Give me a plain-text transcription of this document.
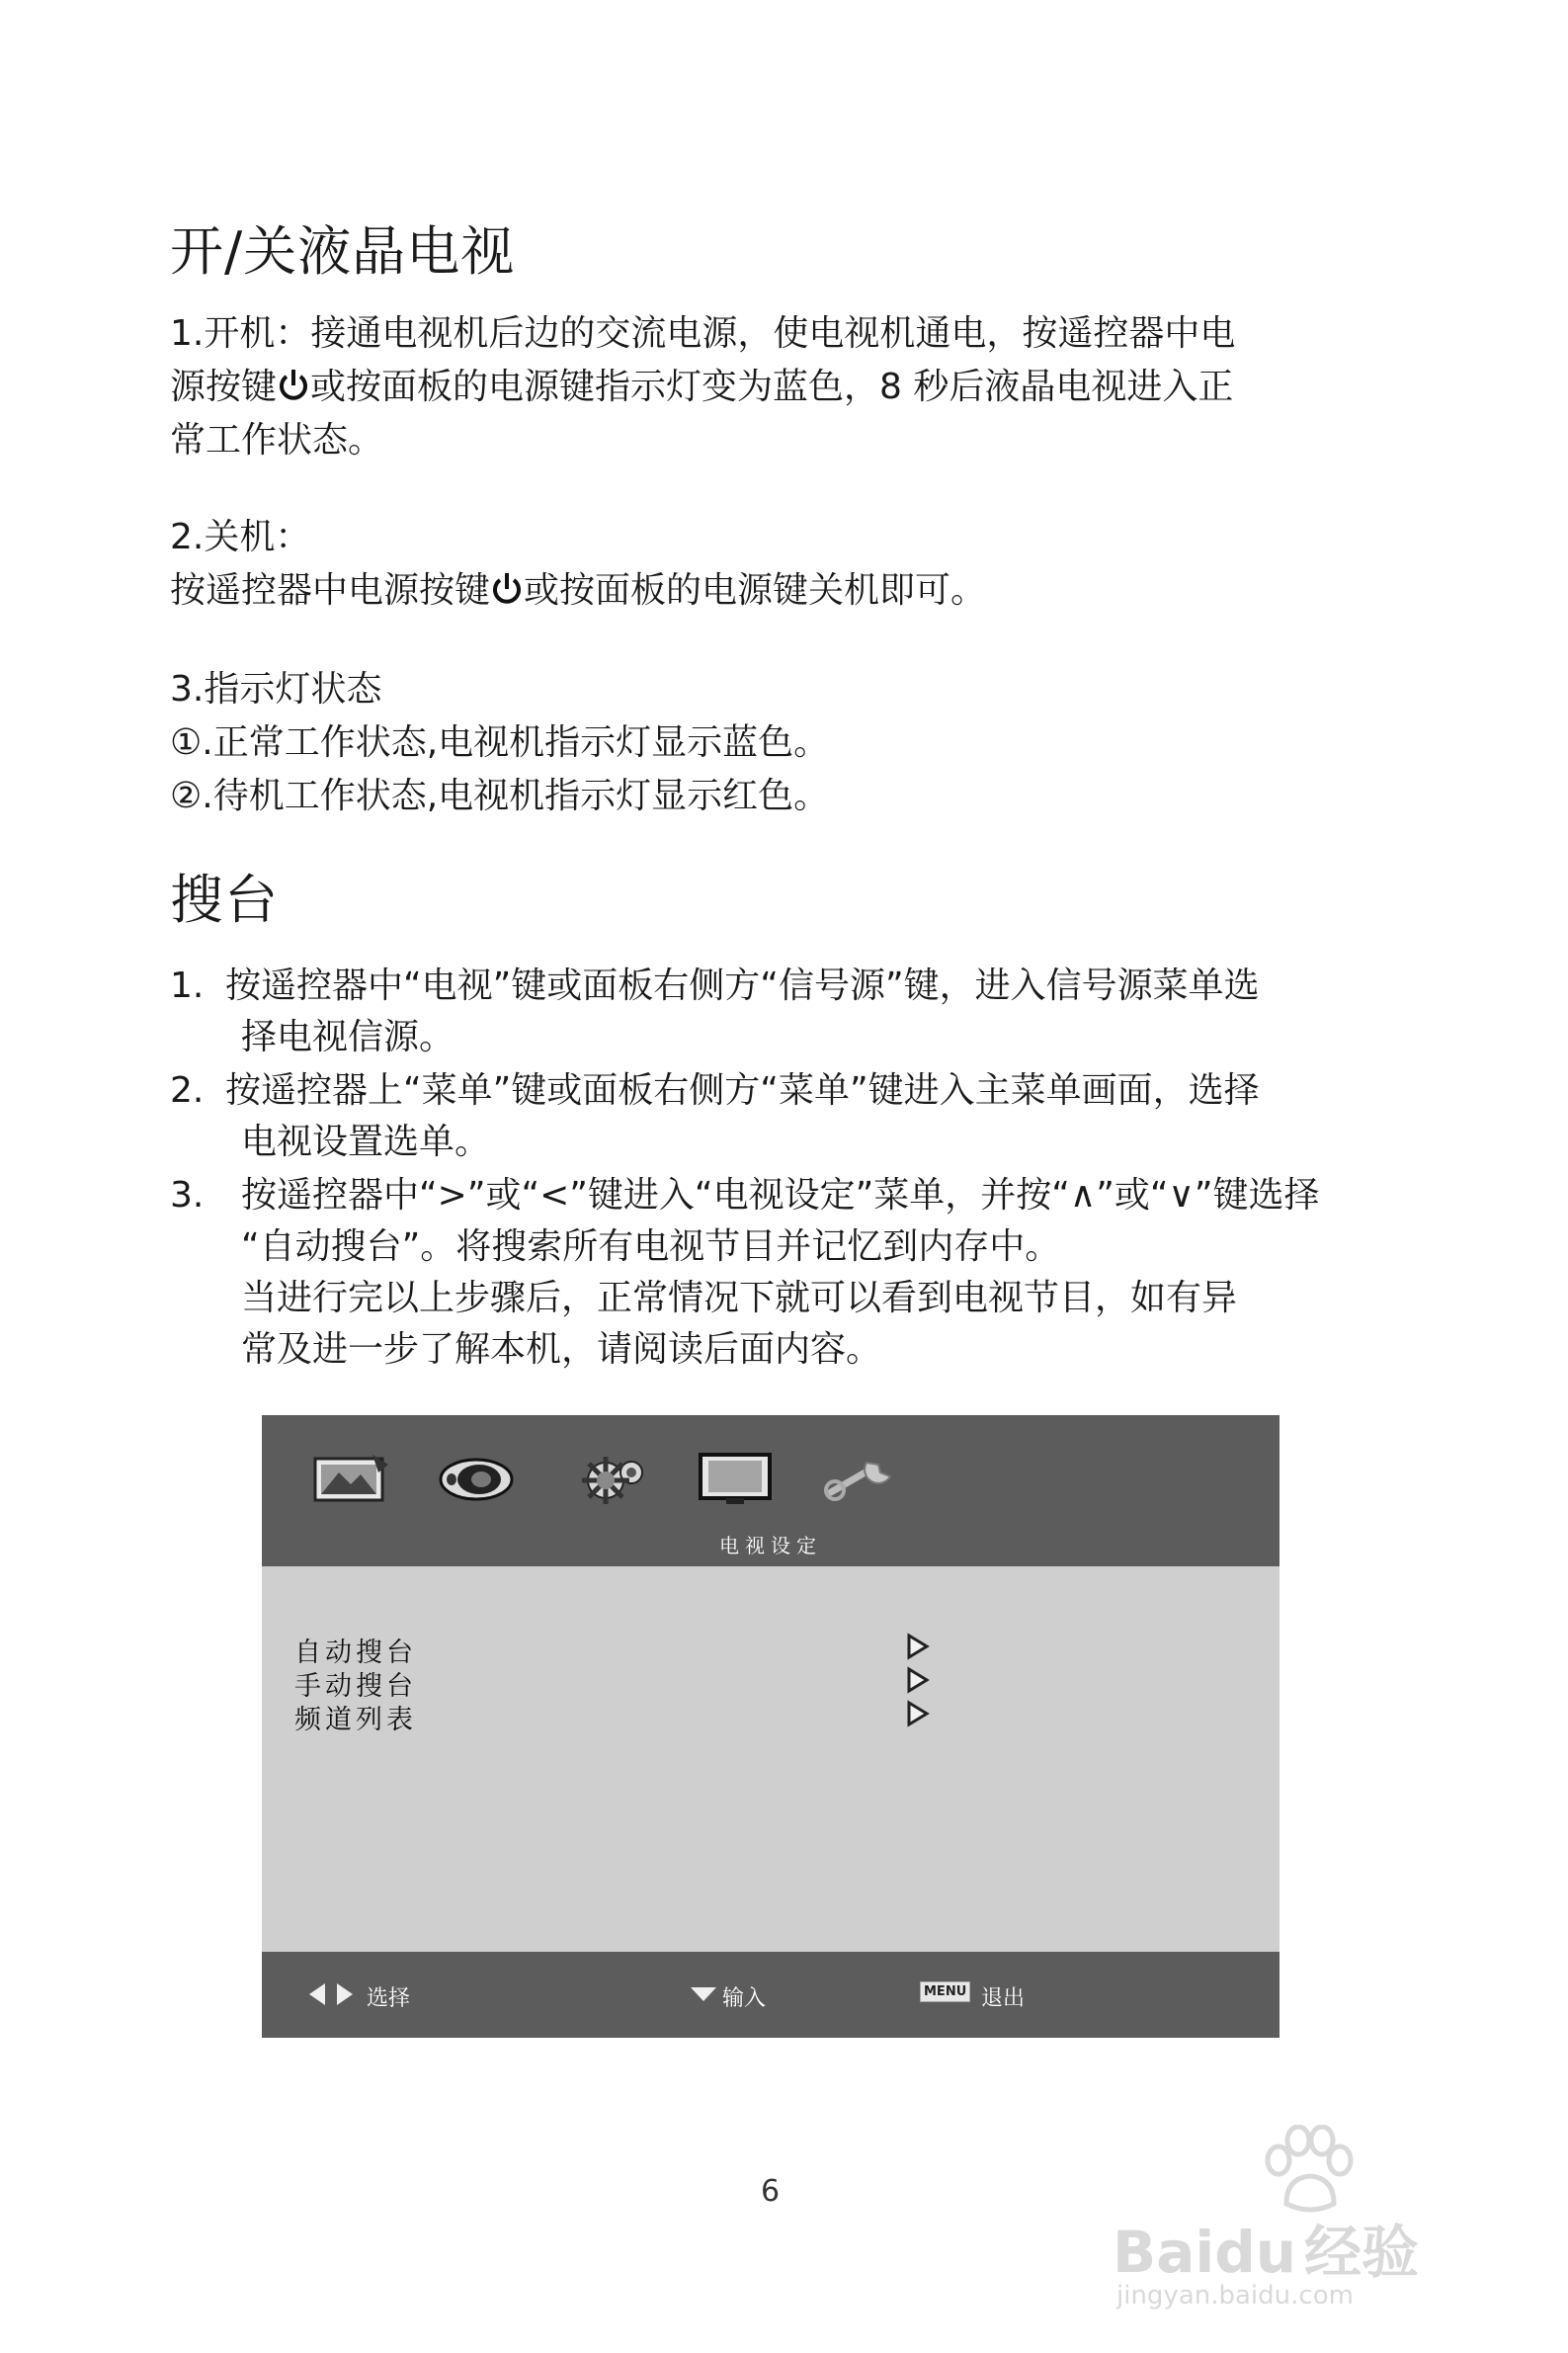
开/关液晶电视
1.开机：接通电视机后边的交流电源，使电视机通电，按遥控器中电
源按键 或按面板的电源键指示灯变为蓝色，8 秒后液晶电视进入正
常工作状态。
2.关机：
按遥控器中电源按键 或按面板的电源键关机即可。
3.指示灯状态
①.正常工作状态,电视机指示灯显示蓝色。
②.待机工作状态,电视机指示灯显示红色。
搜台
1. 按遥控器中“电视”键或面板右侧方“信号源”键，进入信号源菜单选
择电视信源。
2. 按遥控器上“菜单”键或面板右侧方“菜单”键进入主菜单画面，选择
电视设置选单。
3. 按遥控器中“>”或“<”键进入“电视设定”菜单，并按“∧”或“∨”键选择
“自动搜台”。将搜索所有电视节目并记忆到内存中。
当进行完以上步骤后，正常情况下就可以看到电视节目，如有异
常及进一步了解本机，请阅读后面内容。
电视设定
自动搜台
手动搜台
频道列表
选择	输入	MENU 退出
6
Baidu 经验
jingyan.baidu.com
